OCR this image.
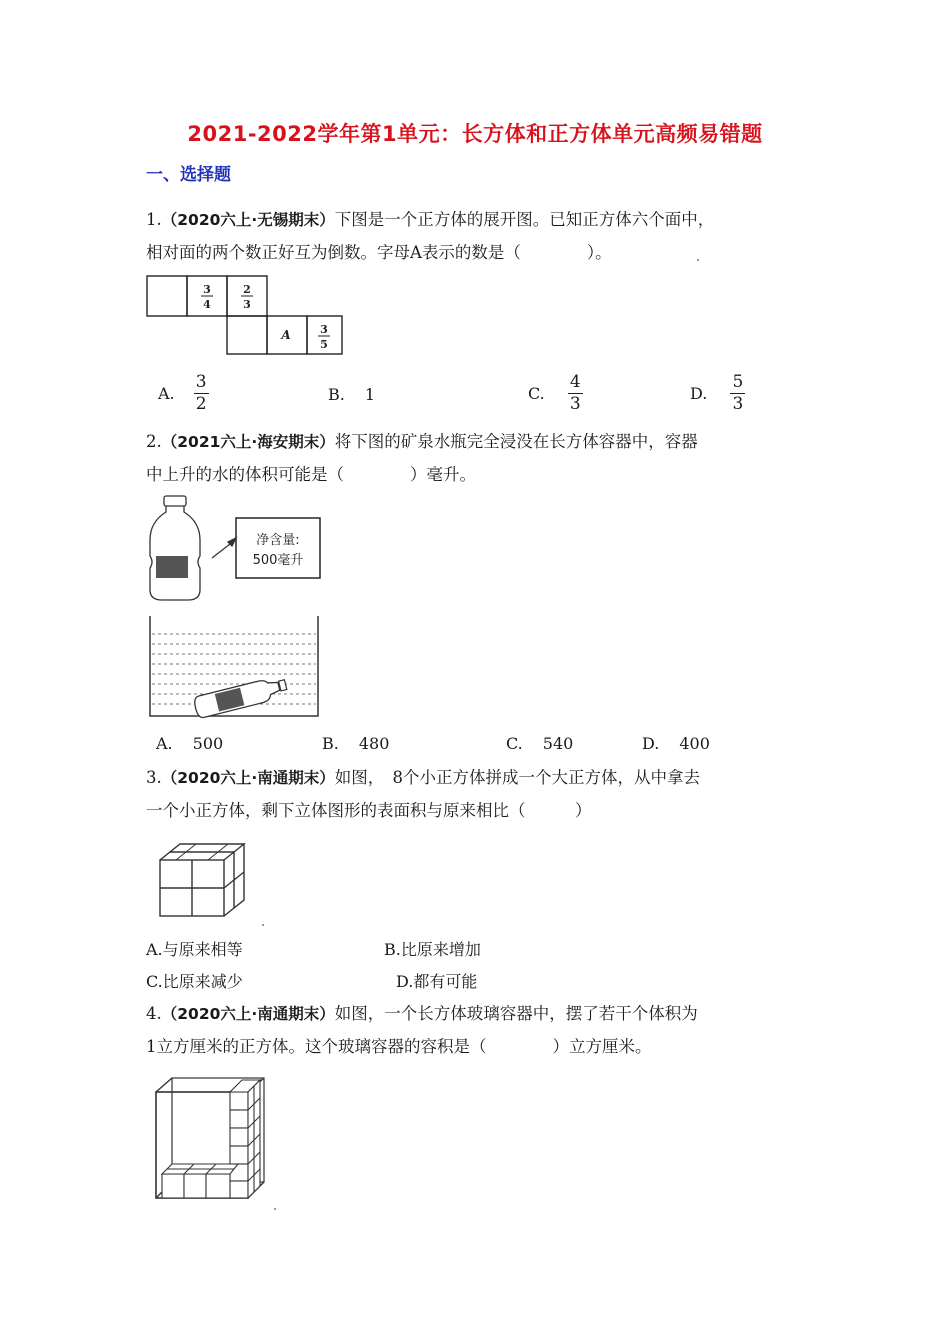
2021-2022学年第1单元：长方体和正方体单元高频易错题
一、选择题
1.（2020六上·无锡期末）下图是一个正方体的展开图。已知正方体六个面中，
相对面的两个数正好互为倒数。字母A表示的数是（　　　　）。
3
4
2
3
A	3
5
A. $\frac{3}{2}$	B. 1	C. $\frac{4}{3}$	D. $\frac{5}{3}$
2.（2021六上·海安期末）将下图的矿泉水瓶完全浸没在长方体容器中，容器
中上升的水的体积可能是（　　　　）毫升。
净含量:
500毫升
A. 500	B. 480	C. 540	D. 400
3.（2020六上·南通期末）如图，　8个小正方体拼成一个大正方体，从中拿去
一个小正方体，剩下立体图形的表面积与原来相比（　　　）
A.与原来相等	B.比原来增加
C.比原来减少	D.都有可能
4.（2020六上·南通期末）如图，一个长方体玻璃容器中，摆了若干个体积为
1立方厘米的正方体。这个玻璃容器的容积是（　　　　）立方厘米。
